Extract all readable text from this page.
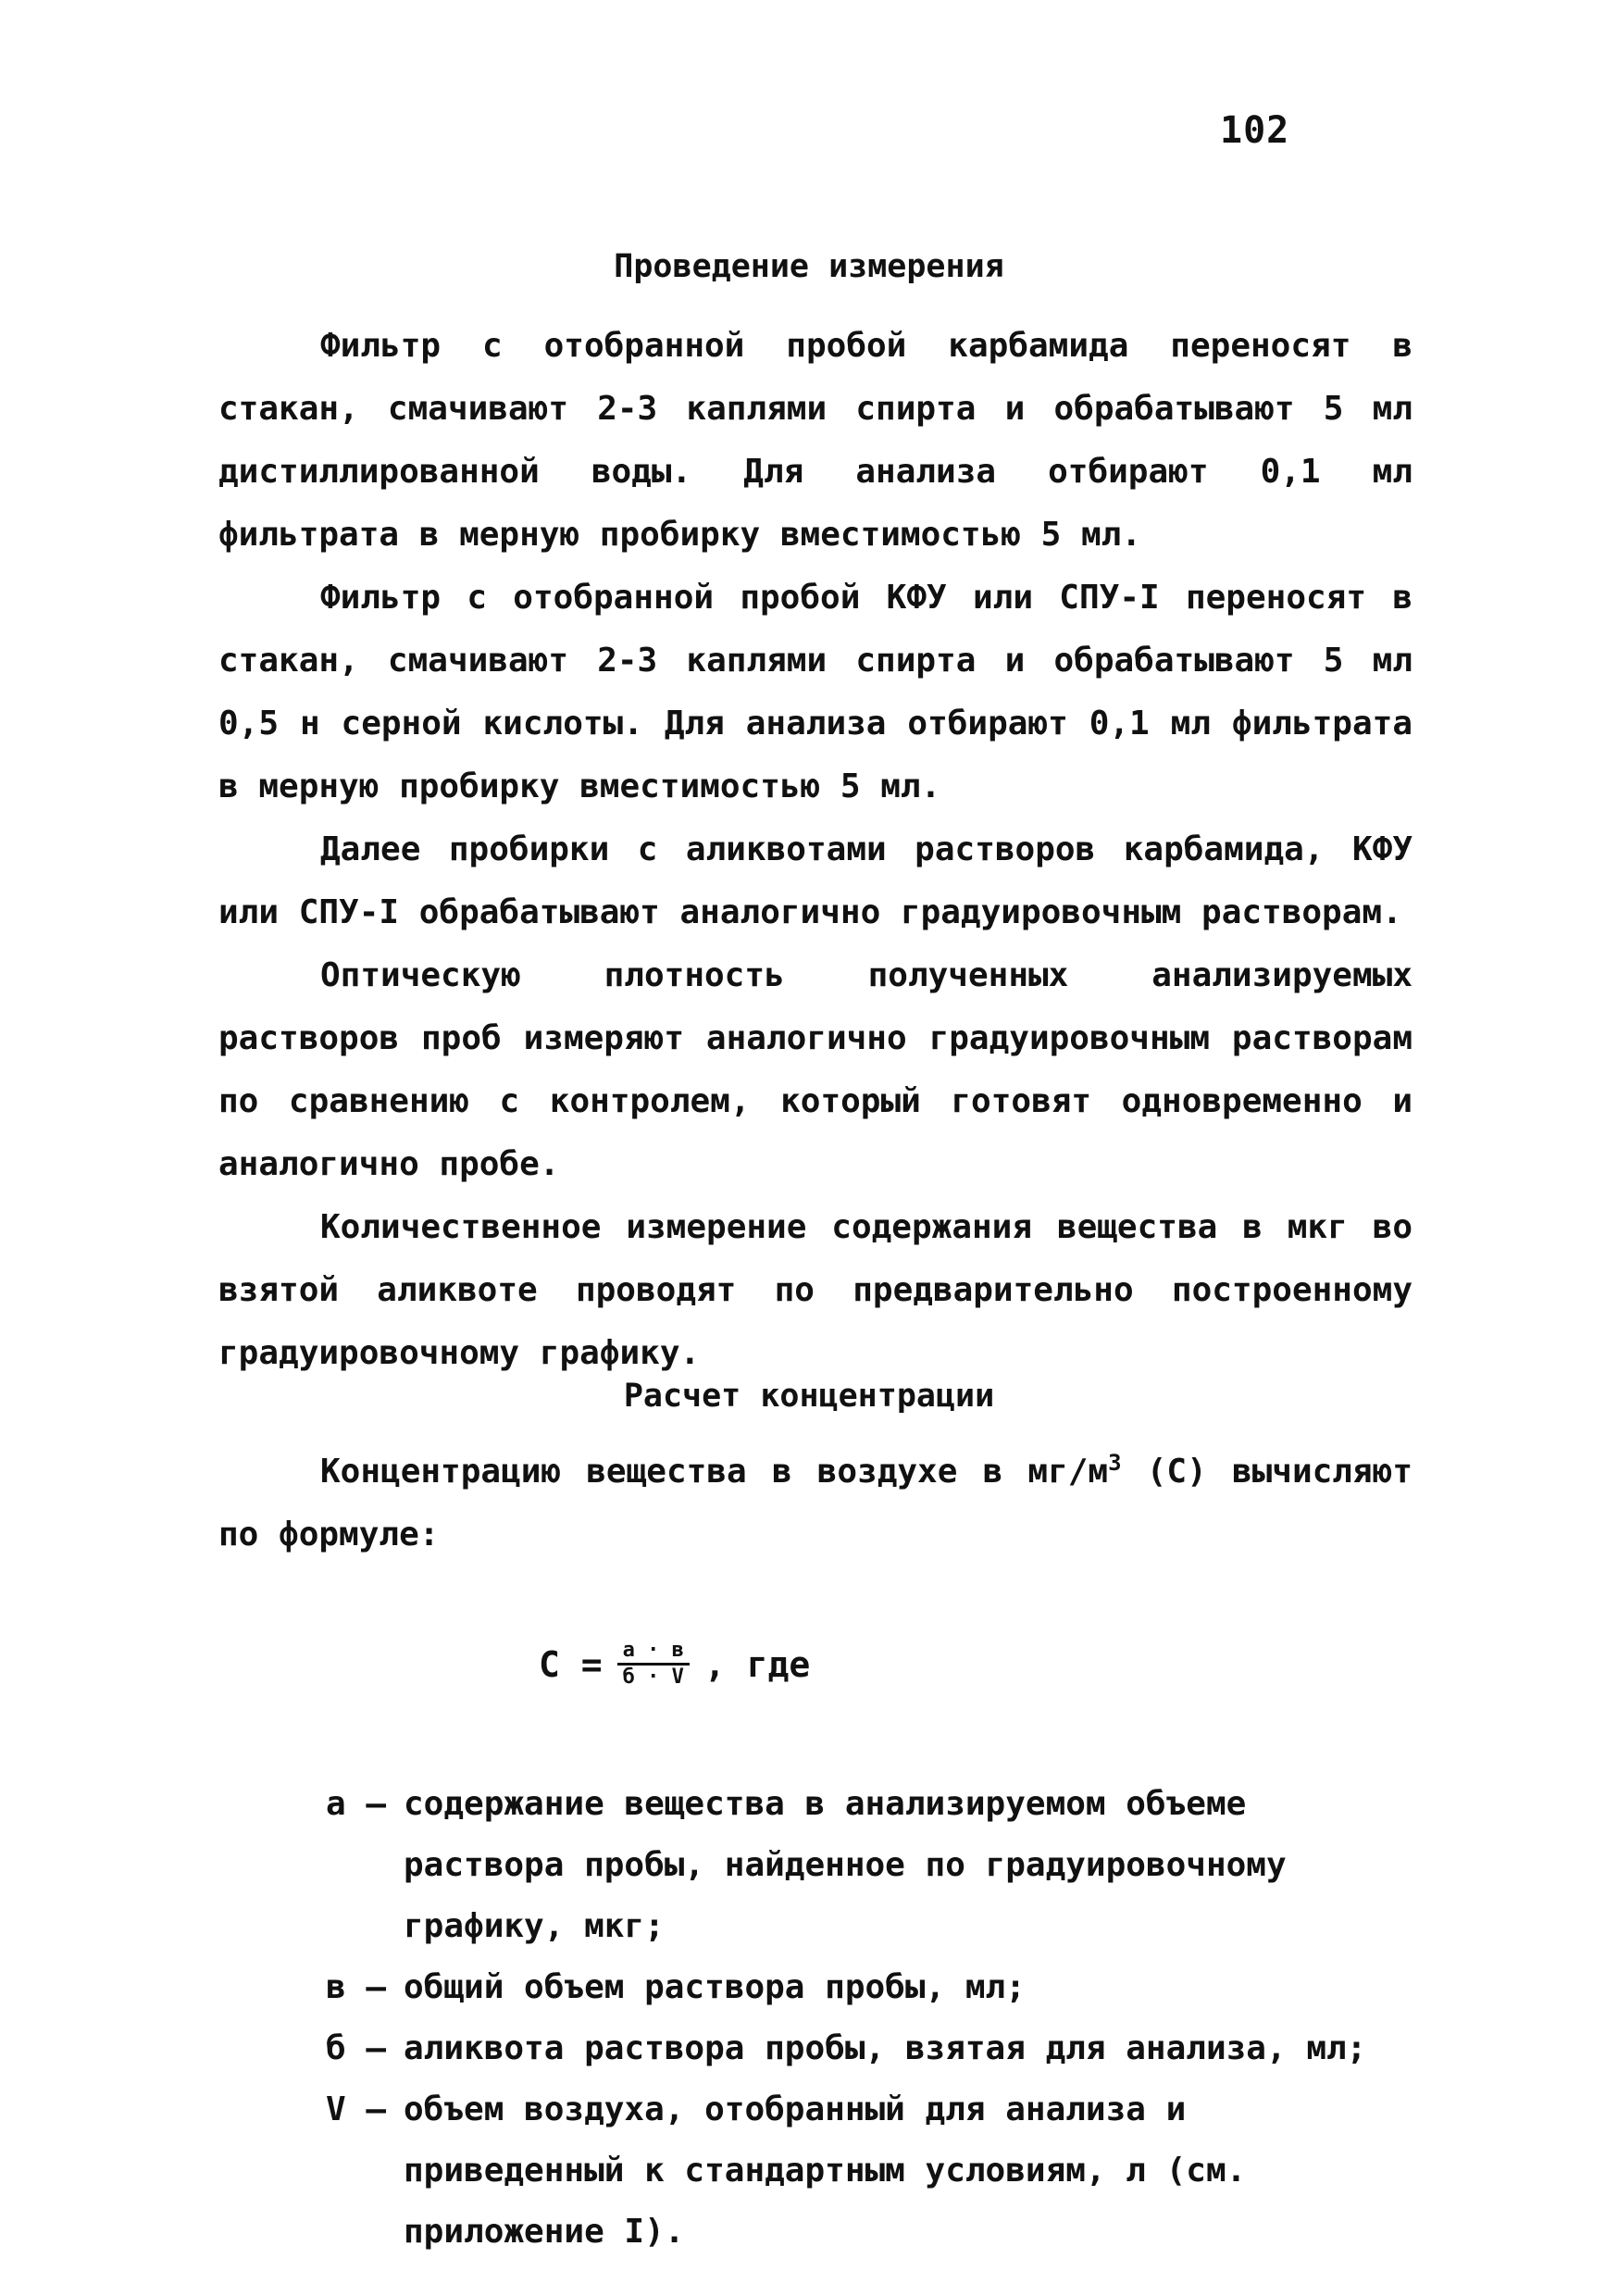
102
Проведение измерения

Фильтр с отобранной пробой карбамида переносят в стакан, смачивают 2-3 каплями спирта и обрабатывают 5 мл дистиллированной воды. Для анализа отбирают 0,1 мл фильтрата в мерную пробирку вместимостью 5 мл.

Фильтр с отобранной пробой КФУ или СПУ-I переносят в стакан, смачивают 2-3 каплями спирта и обрабатывают 5 мл 0,5 н серной кислоты. Для анализа отбирают 0,1 мл фильтрата в мерную пробирку вместимостью 5 мл.

Далее пробирки с аликвотами растворов карбамида, КФУ или СПУ-I обрабатывают аналогично градуировочным растворам.

Оптическую плотность полученных анализируемых растворов проб измеряют аналогично градуировочным растворам по сравнению с контролем, который готовят одновременно и аналогично пробе.

Количественное измерение содержания вещества в мкг во взятой аликвоте проводят по предварительно построенному градуировочному графику.

Расчет концентрации

Концентрацию вещества в воздухе в $мг/м^3$ (С) вычисляют по формуле:

$С = \frac{а \cdot в}{б \cdot V}$ , где
а – содержание вещества в анализируемом объеме раствора пробы, найденное по градуировочному графику, мкг;
в – общий объем раствора пробы, мл;
б – аликвота раствора пробы, взятая для анализа, мл;
V – объем воздуха, отобранный для анализа и приведенный к стандартным условиям, л (см. приложение I).
